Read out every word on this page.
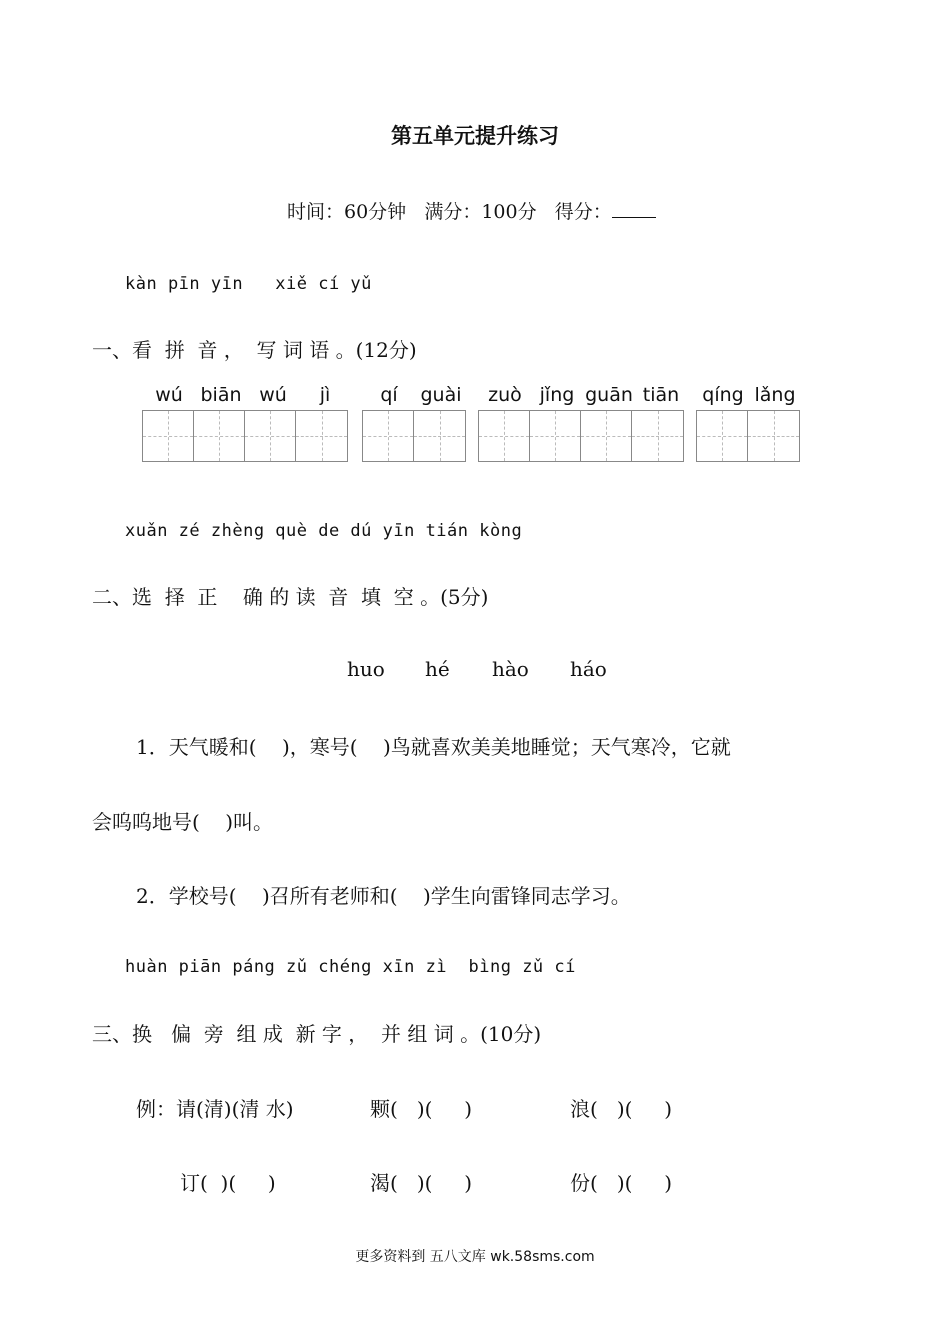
第五单元提升练习
时间：60分钟 满分：100分 得分：
kàn pīn yīn   xiě cí yǔ
一、看  拼  音 ，  写 词 语 。(12分)
wú biān wú	jì	qí	guài	zuò jǐng guān tiān	qíng lǎng
xuǎn zé zhèng què de dú yīn tián kòng
二、选  择  正    确 的 读  音  填  空 。(5分)
huo hé hào háo
1．天气暖和(    )，寒号(    )鸟就喜欢美美地睡觉；天气寒冷，它就
会呜呜地号(    )叫。
2．学校号(    )召所有老师和(    )学生向雷锋同志学习。
huàn piān páng zǔ chéng xīn zì  bìng zǔ cí
三、换   偏  旁  组 成  新 字 ，  并 组 词 。(10分)
例：请(清)(清 水)	颗(   )(     )	浪(   )(     )
订(  )(     )	渴(   )(     )	份(   )(     )
更多资料到 五八文库 wk.58sms.com
